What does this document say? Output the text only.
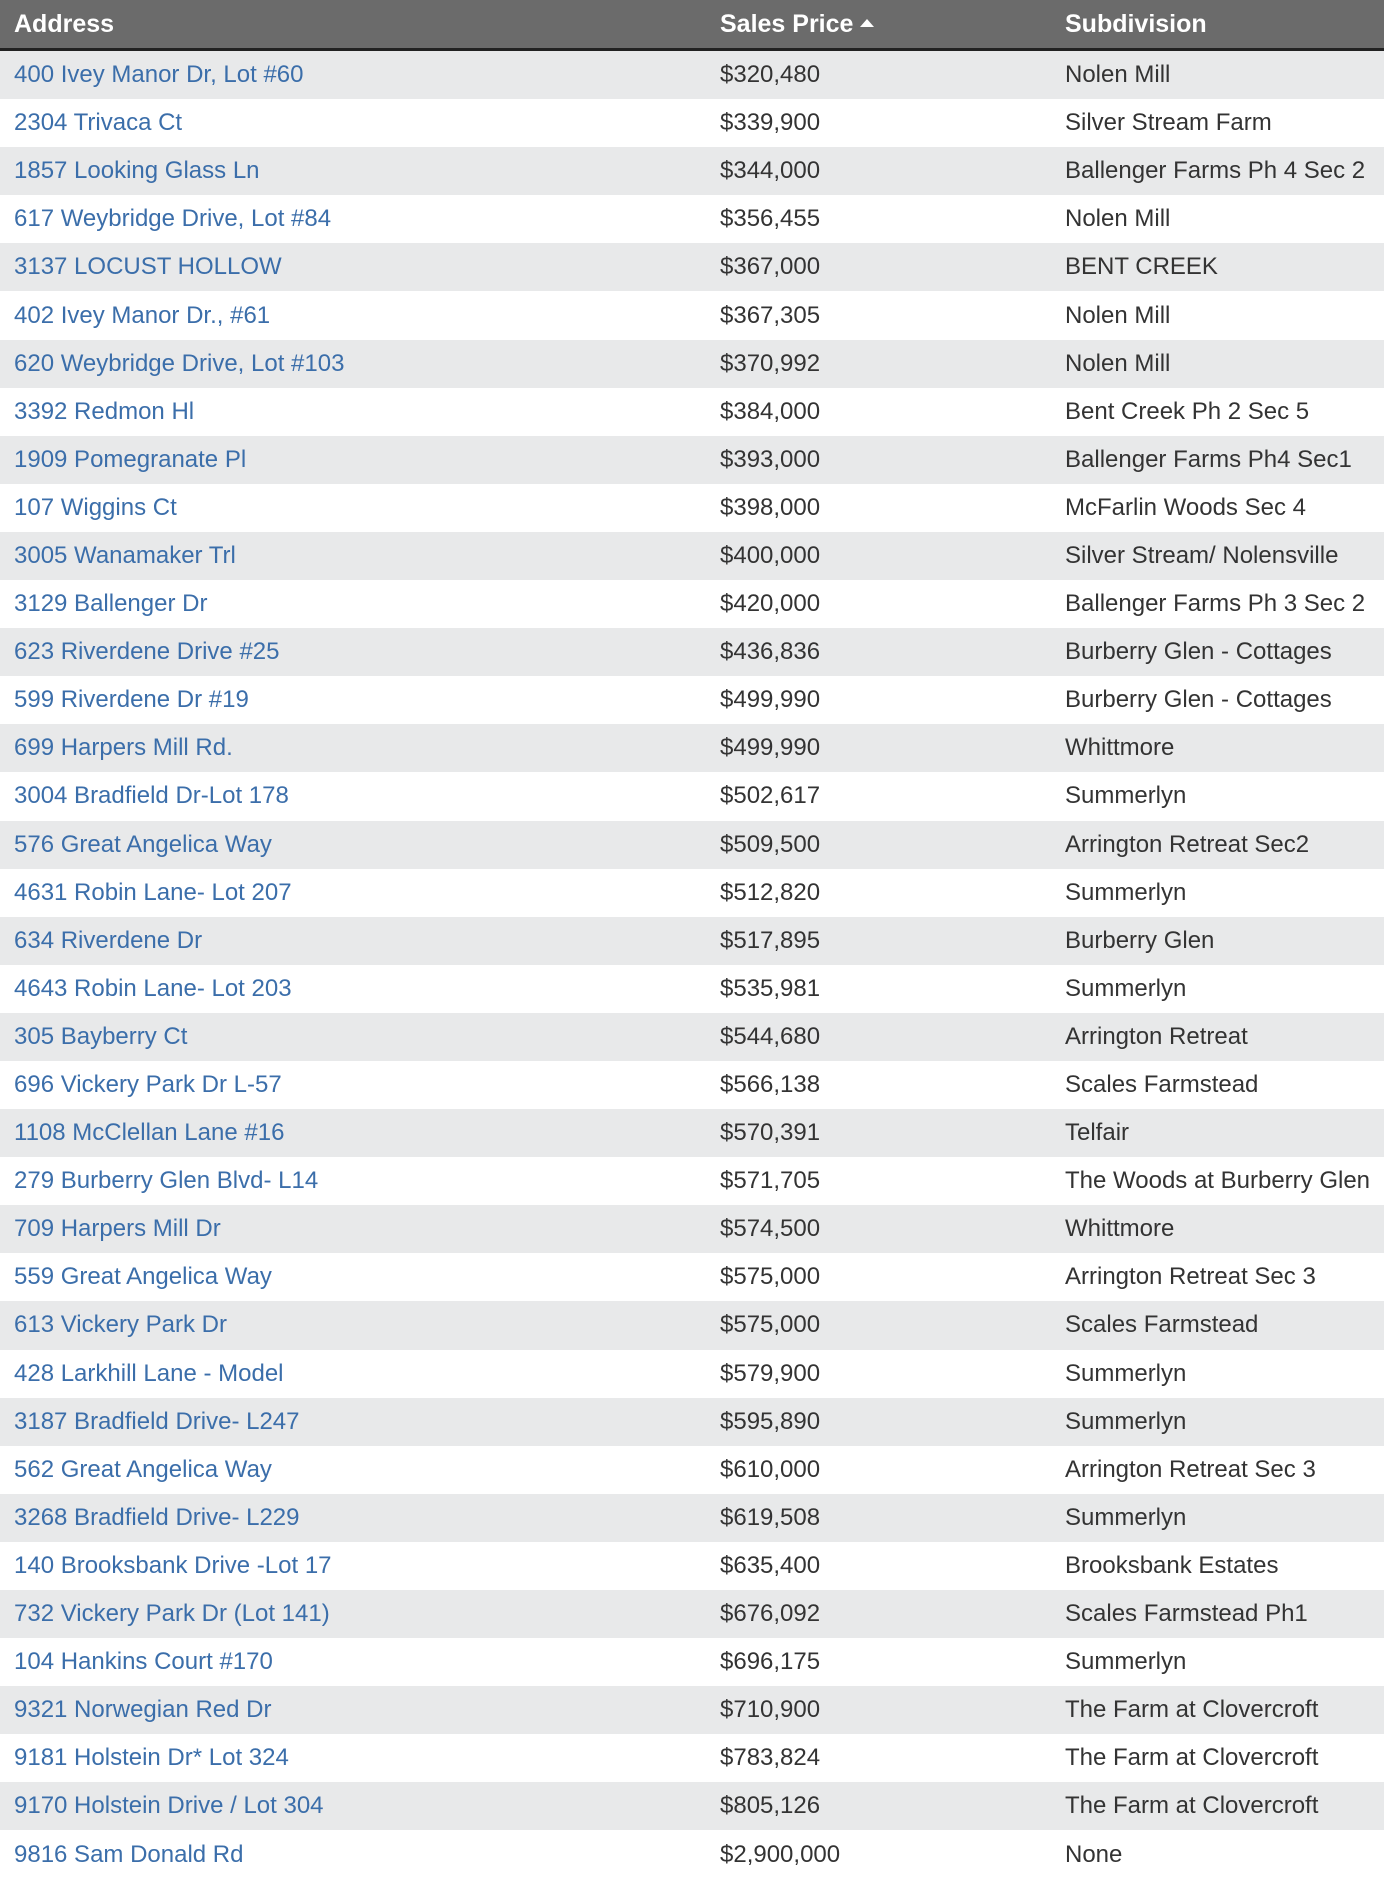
Address	Sales Price	Subdivision
400 Ivey Manor Dr, Lot #60	$320,480	Nolen Mill
2304 Trivaca Ct	$339,900	Silver Stream Farm
1857 Looking Glass Ln	$344,000	Ballenger Farms Ph 4 Sec 2
617 Weybridge Drive, Lot #84	$356,455	Nolen Mill
3137 LOCUST HOLLOW	$367,000	BENT CREEK
402 Ivey Manor Dr., #61	$367,305	Nolen Mill
620 Weybridge Drive, Lot #103	$370,992	Nolen Mill
3392 Redmon Hl	$384,000	Bent Creek Ph 2 Sec 5
1909 Pomegranate Pl	$393,000	Ballenger Farms Ph4 Sec1
107 Wiggins Ct	$398,000	McFarlin Woods Sec 4
3005 Wanamaker Trl	$400,000	Silver Stream/ Nolensville
3129 Ballenger Dr	$420,000	Ballenger Farms Ph 3 Sec 2
623 Riverdene Drive #25	$436,836	Burberry Glen - Cottages
599 Riverdene Dr #19	$499,990	Burberry Glen - Cottages
699 Harpers Mill Rd.	$499,990	Whittmore
3004 Bradfield Dr-Lot 178	$502,617	Summerlyn
576 Great Angelica Way	$509,500	Arrington Retreat Sec2
4631 Robin Lane- Lot 207	$512,820	Summerlyn
634 Riverdene Dr	$517,895	Burberry Glen
4643 Robin Lane- Lot 203	$535,981	Summerlyn
305 Bayberry Ct	$544,680	Arrington Retreat
696 Vickery Park Dr L-57	$566,138	Scales Farmstead
1108 McClellan Lane #16	$570,391	Telfair
279 Burberry Glen Blvd- L14	$571,705	The Woods at Burberry Glen
709 Harpers Mill Dr	$574,500	Whittmore
559 Great Angelica Way	$575,000	Arrington Retreat Sec 3
613 Vickery Park Dr	$575,000	Scales Farmstead
428 Larkhill Lane - Model	$579,900	Summerlyn
3187 Bradfield Drive- L247	$595,890	Summerlyn
562 Great Angelica Way	$610,000	Arrington Retreat Sec 3
3268 Bradfield Drive- L229	$619,508	Summerlyn
140 Brooksbank Drive -Lot 17	$635,400	Brooksbank Estates
732 Vickery Park Dr (Lot 141)	$676,092	Scales Farmstead Ph1
104 Hankins Court #170	$696,175	Summerlyn
9321 Norwegian Red Dr	$710,900	The Farm at Clovercroft
9181 Holstein Dr* Lot 324	$783,824	The Farm at Clovercroft
9170 Holstein Drive / Lot 304	$805,126	The Farm at Clovercroft
9816 Sam Donald Rd	$2,900,000	None
